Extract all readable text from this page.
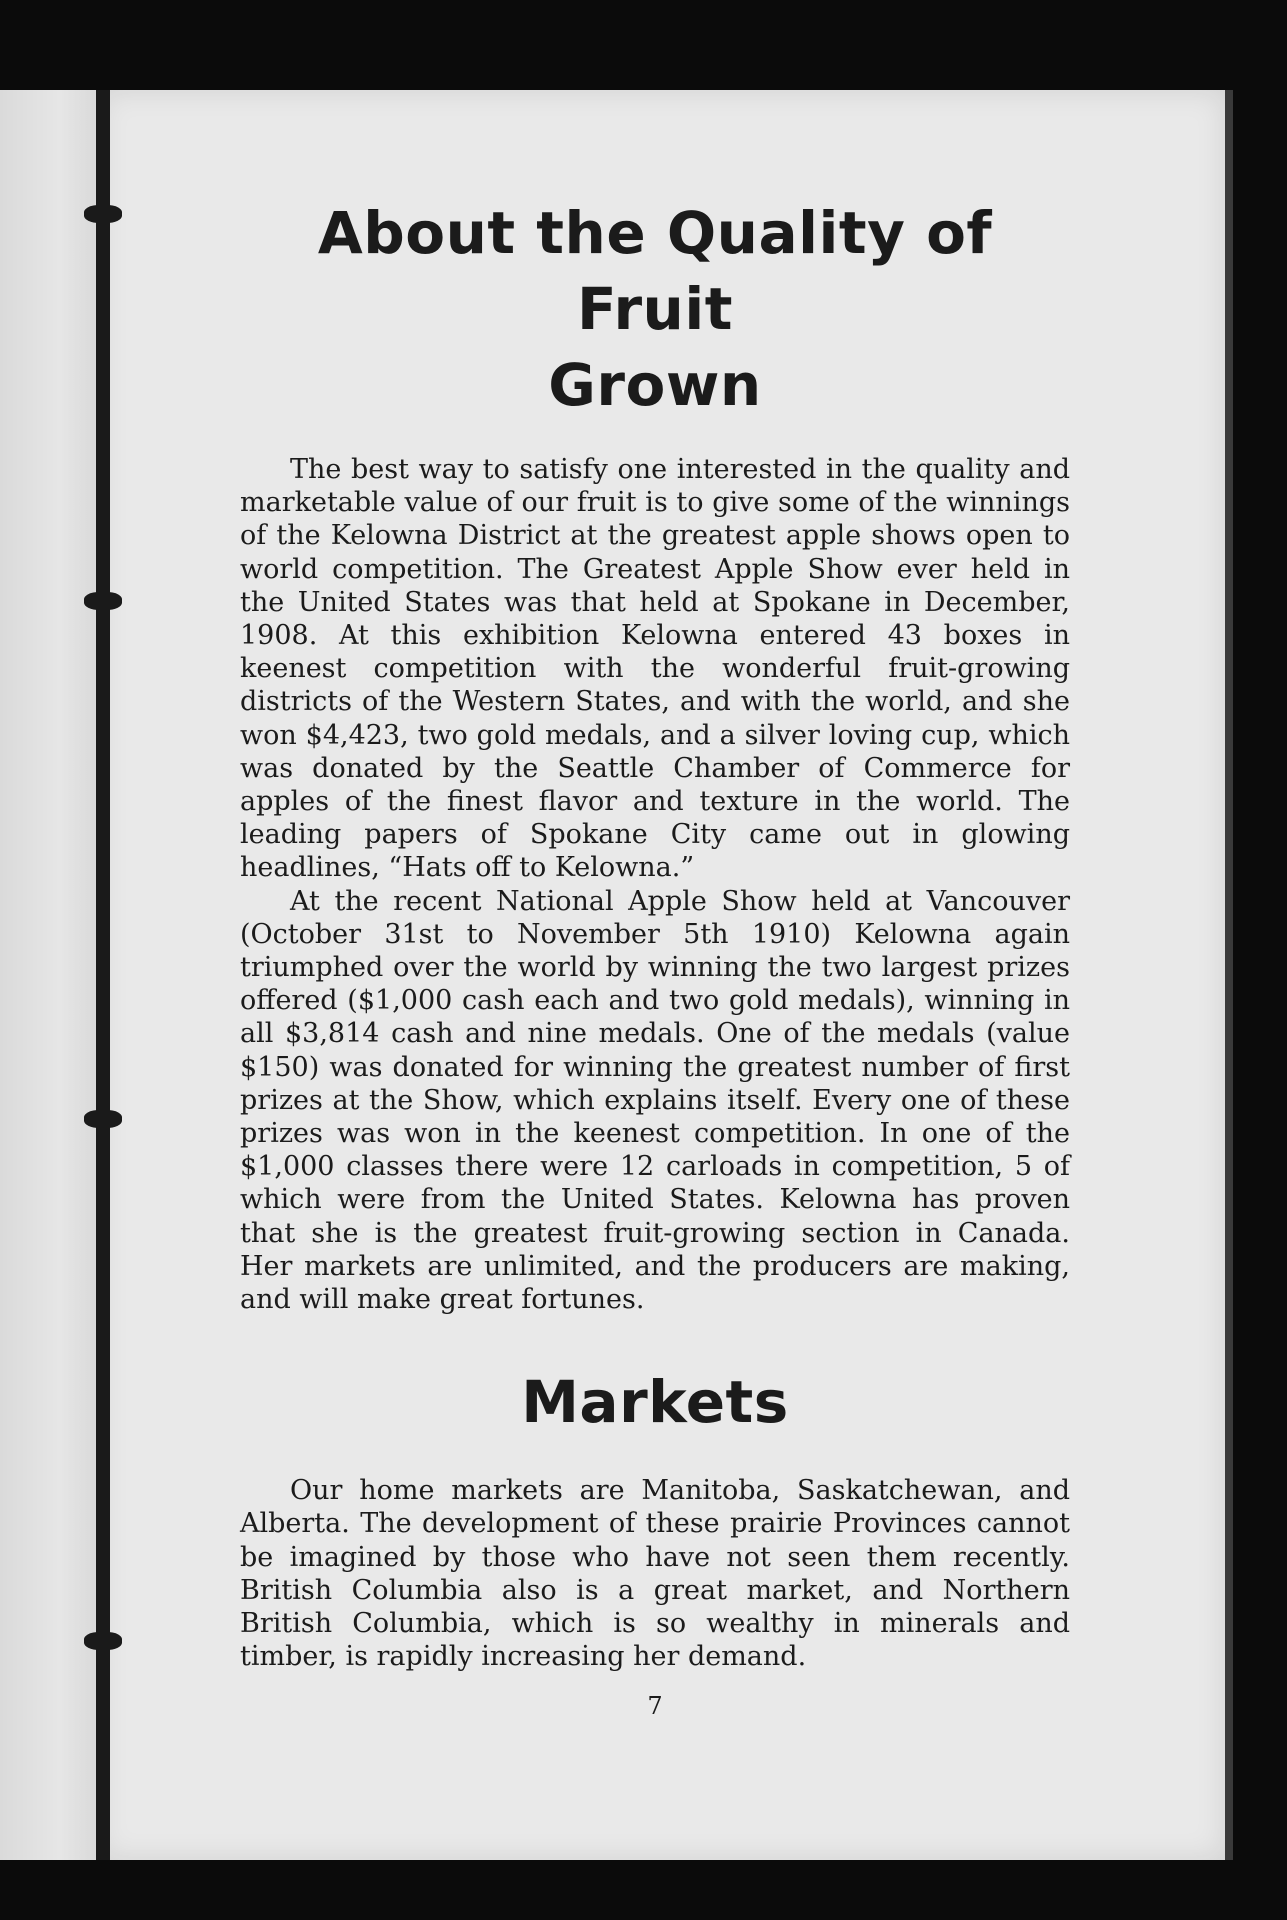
About the Quality of Fruit
Grown

The best way to satisfy one interested in the quality and marketable value of our fruit is to give some of the winnings of the Kelowna District at the greatest apple shows open to world competition. The Greatest Apple Show ever held in the United States was that held at Spokane in December, 1908. At this exhibition Kelowna entered 43 boxes in keenest competition with the wonderful fruit-growing districts of the Western States, and with the world, and she won $4,423, two gold medals, and a silver loving cup, which was donated by the Seattle Chamber of Commerce for apples of the finest flavor and texture in the world. The leading papers of Spokane City came out in glowing headlines, “Hats off to Kelowna.”

At the recent National Apple Show held at Vancouver (October 31st to November 5th 1910) Kelowna again triumphed over the world by winning the two largest prizes offered ($1,000 cash each and two gold medals), winning in all $3,814 cash and nine medals. One of the medals (value $150) was donated for winning the greatest number of first prizes at the Show, which explains itself. Every one of these prizes was won in the keenest competition. In one of the $1,000 classes there were 12 carloads in competition, 5 of which were from the United States. Kelowna has proven that she is the greatest fruit-growing section in Canada. Her markets are unlimited, and the producers are making, and will make great fortunes.

Markets

Our home markets are Manitoba, Saskatchewan, and Alberta. The development of these prairie Provinces cannot be imagined by those who have not seen them recently. British Columbia also is a great market, and Northern British Columbia, which is so wealthy in minerals and timber, is rapidly increasing her demand.

7
